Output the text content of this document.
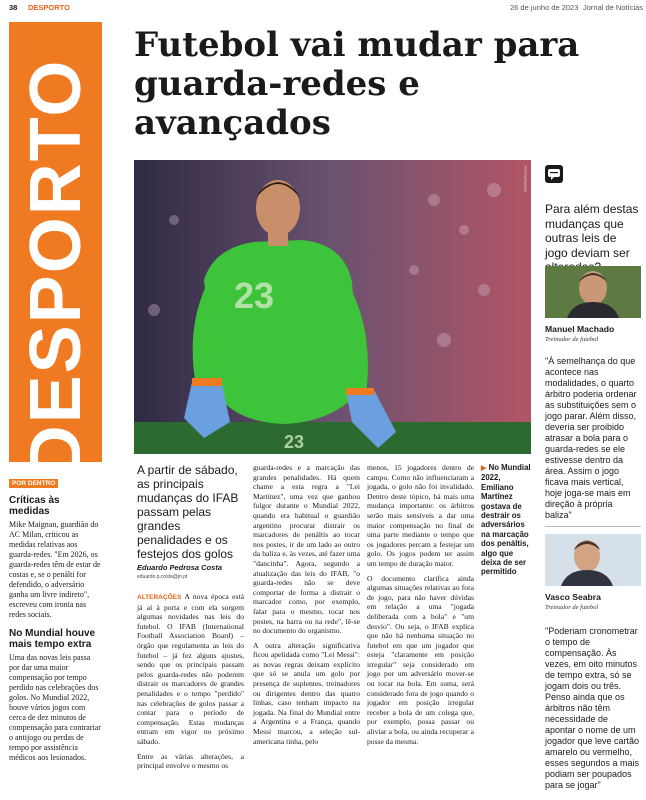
38 DESPORTO	26 de junho de 2023 Jornal de Notícias
DESPORTO
Futebol vai mudar para guarda-redes e avançados
23
23
FOTOGRAFIA
POR DENTRO
Críticas às medidas

Mike Maignan, guardião do AC Milan, criticou as medidas relativas aos guarda-redes. "Em 2026, os guarda-redes têm de estar de costas e, se o penálti for defendido, o adversário ganha um livre indireto", escreveu com ironia nas redes sociais.

No Mundial houve mais tempo extra

Uma das novas leis passa por dar uma maior compensação por tempo perdido nas celebrações dos golos. No Mundial 2022, houve vários jogos com cerca de dez minutos de compensação para contrariar o antijogo ou perdas de tempo por assistência médicos aos lesionados.

A partir de sábado, as principais mudanças do IFAB passam pelas grandes penalidades e os festejos dos golos
Eduardo Pedrosa Costa
eduardo.p.costa@jn.pt

ALTERAÇÕES A nova época está já aí à porta e com ela surgem algumas novidades nas leis do futebol. O IFAB (International Football Association Board) – órgão que regulamenta as leis do futebol – já fez alguns ajustes, sendo que os principais passam pelos guarda-redes não poderem distrair os marcadores de grandes penalidades e o tempo "perdido" nas celebrações de golos passar a contar para o período de compensação. Estas mudanças entram em vigor no próximo sábado.

Entre as várias alterações, a principal envolve o mesmo os

guarda-redes e a marcação das grandes penalidades. Há quem chame a esta regra a "Lei Martínez", uma vez que ganhou fulgor durante o Mundial 2022, quando era habitual o guardião argentino procurar distrair os marcadores de penáltis ao tocar nos postes, ir de um lado ao outro da baliza e, às vezes, até fazer uma "dancinha". Agora, segundo a atualização das leis do IFAB, "o guarda-redes não se deve comportar de forma a distrair o marcador como, por exemplo, falar para o mesmo, tocar nos postes, na barra ou na rede", lê-se no documento do organismo.

A outra alteração significativa ficou apelidada como "Lei Messi": as novas regras deixam explícito que só se anula um golo por presença de suplentes, treinadores ou dirigentes dentro das quatro linhas, caso tenham impacto na jogada. Na final do Mundial entre a Argentina e a França, quando Messi marcou, a seleção sul-americana tinha, pelo

menos, 15 jogadores dentro de campo. Como não influenciaram a jogada, o golo não foi invalidado. Dentro deste tópico, há mais uma mudança importante: os árbitros serão mais sensíveis a dar uma maior compensação no final de uma parte mediante o tempo que os jogadores percam a festejar um golo. Os jogos podem ter assim um tempo de duração maior.

O documento clarifica ainda algumas situações relativas ao fora de jogo, para não haver dúvidas em relação a uma "jogada deliberada com a bola" e "um desvio". Ou seja, o IFAB explica que não há nenhuma situação no futebol em que um jogador que esteja "claramente em posição irregular" seja considerado em jogo por um adversário mover-se ou tocar na bola. Em suma, será considerado fora de jogo quando o jogador em posição irregular receber a bola de um colega que, por exemplo, possa passar ou aliviar a bola, ou ainda recuperar a posse da mesma.

▶ No Mundial 2022, Emiliano Martínez gostava de destrair os adversários na marcação dos penáltis, algo que deixa de ser permitido
Para além destas mudanças que outras leis de jogo deviam ser
Manuel Machado
Treinador de futebol
"À semelhança do que acontece nas modalidades, o quarto árbitro poderia ordenar as substituições sem o jogo parar. Além disso, deveria ser proibido atrasar a bola para o guarda-redes se ele estivesse dentro da área. Assim o jogo ficava mais vertical, hoje joga-se mais em direção à própria baliza"
Vasco Seabra
Treinador de futebol
"Poderiam cronometrar o tempo de compensação. Às vezes, em oito minutos de tempo extra, só se jogam dois ou três. Penso ainda que os árbitros não têm necessidade de apontar o nome de um jogador que leve cartão amarelo ou vermelho, esses segundos a mais podiam ser poupados para se jogar"
